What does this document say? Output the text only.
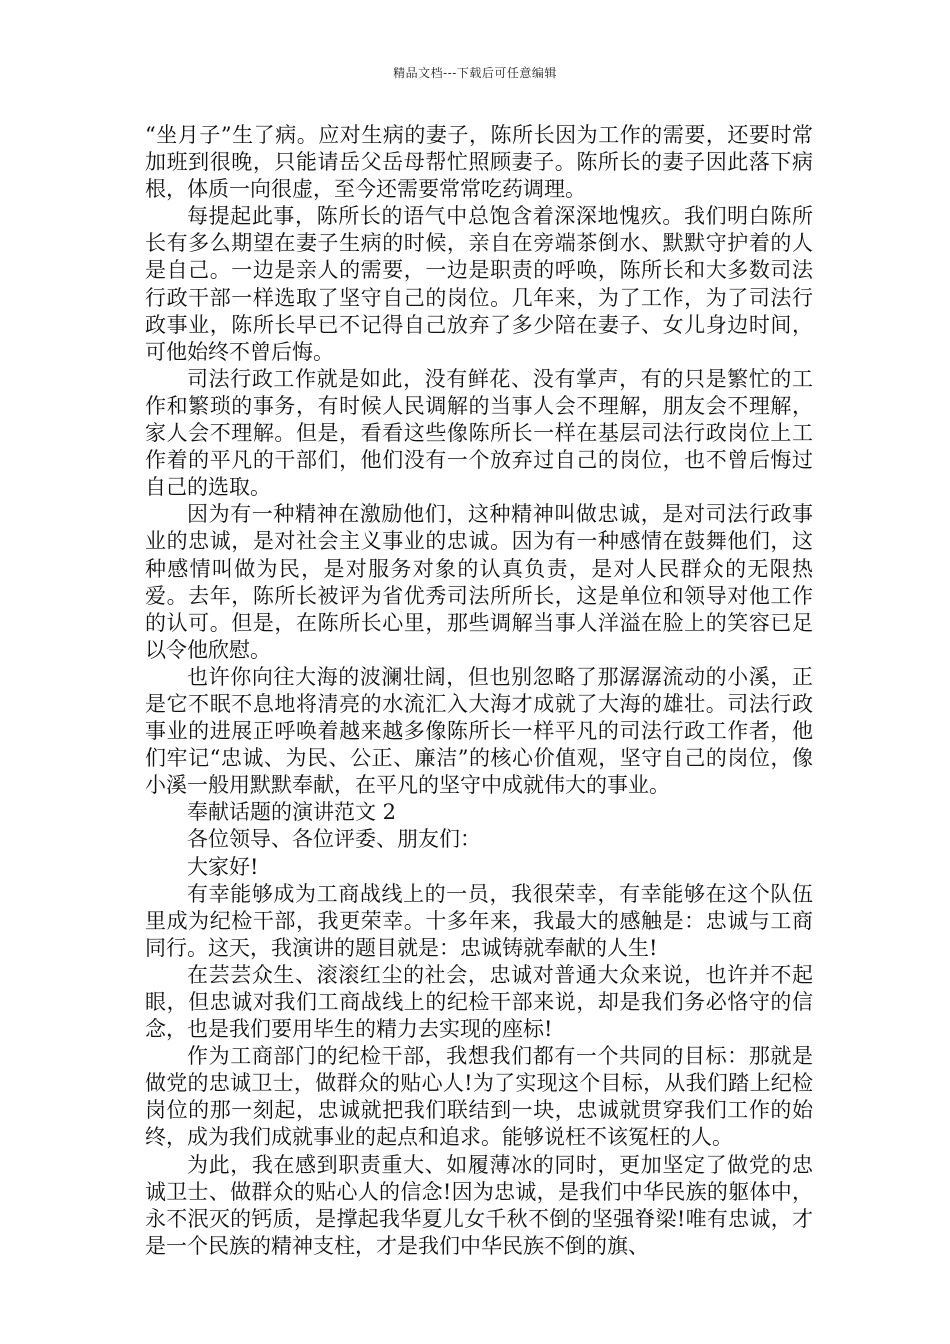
精品文档---下载后可任意编辑

“坐月子”生了病。应对生病的妻子，陈所长因为工作的需要，还要时常加班到很晚，只能请岳父岳母帮忙照顾妻子。陈所长的妻子因此落下病根，体质一向很虚，至今还需要常常吃药调理。

每提起此事，陈所长的语气中总饱含着深深地愧疚。我们明白陈所长有多么期望在妻子生病的时候，亲自在旁端茶倒水、默默守护着的人是自己。一边是亲人的需要，一边是职责的呼唤，陈所长和大多数司法行政干部一样选取了坚守自己的岗位。几年来，为了工作，为了司法行政事业，陈所长早已不记得自己放弃了多少陪在妻子、女儿身边时间，可他始终不曾后悔。

司法行政工作就是如此，没有鲜花、没有掌声，有的只是繁忙的工作和繁琐的事务，有时候人民调解的当事人会不理解，朋友会不理解，家人会不理解。但是，看看这些像陈所长一样在基层司法行政岗位上工作着的平凡的干部们，他们没有一个放弃过自己的岗位，也不曾后悔过自己的选取。

因为有一种精神在激励他们，这种精神叫做忠诚，是对司法行政事业的忠诚，是对社会主义事业的忠诚。因为有一种感情在鼓舞他们，这种感情叫做为民，是对服务对象的认真负责，是对人民群众的无限热爱。去年，陈所长被评为省优秀司法所所长，这是单位和领导对他工作的认可。但是，在陈所长心里，那些调解当事人洋溢在脸上的笑容已足以令他欣慰。

也许你向往大海的波澜壮阔，但也别忽略了那潺潺流动的小溪，正是它不眠不息地将清亮的水流汇入大海才成就了大海的雄壮。司法行政事业的进展正呼唤着越来越多像陈所长一样平凡的司法行政工作者，他们牢记“忠诚、为民、公正、廉洁”的核心价值观，坚守自己的岗位，像小溪一般用默默奉献，在平凡的坚守中成就伟大的事业。

奉献话题的演讲范文 2

各位领导、各位评委、朋友们：

大家好!

有幸能够成为工商战线上的一员，我很荣幸，有幸能够在这个队伍里成为纪检干部，我更荣幸。十多年来，我最大的感触是：忠诚与工商同行。这天，我演讲的题目就是：忠诚铸就奉献的人生!

在芸芸众生、滚滚红尘的社会，忠诚对普通大众来说，也许并不起眼，但忠诚对我们工商战线上的纪检干部来说，却是我们务必恪守的信念，也是我们要用毕生的精力去实现的座标!

作为工商部门的纪检干部，我想我们都有一个共同的目标：那就是做党的忠诚卫士，做群众的贴心人!为了实现这个目标，从我们踏上纪检岗位的那一刻起，忠诚就把我们联结到一块，忠诚就贯穿我们工作的始终，成为我们成就事业的起点和追求。能够说枉不该冤枉的人。

为此，我在感到职责重大、如履薄冰的同时，更加坚定了做党的忠诚卫士、做群众的贴心人的信念!因为忠诚，是我们中华民族的躯体中，永不泯灭的钙质，是撑起我华夏儿女千秋不倒的坚强脊梁!唯有忠诚，才是一个民族的精神支柱，才是我们中华民族不倒的旗、
